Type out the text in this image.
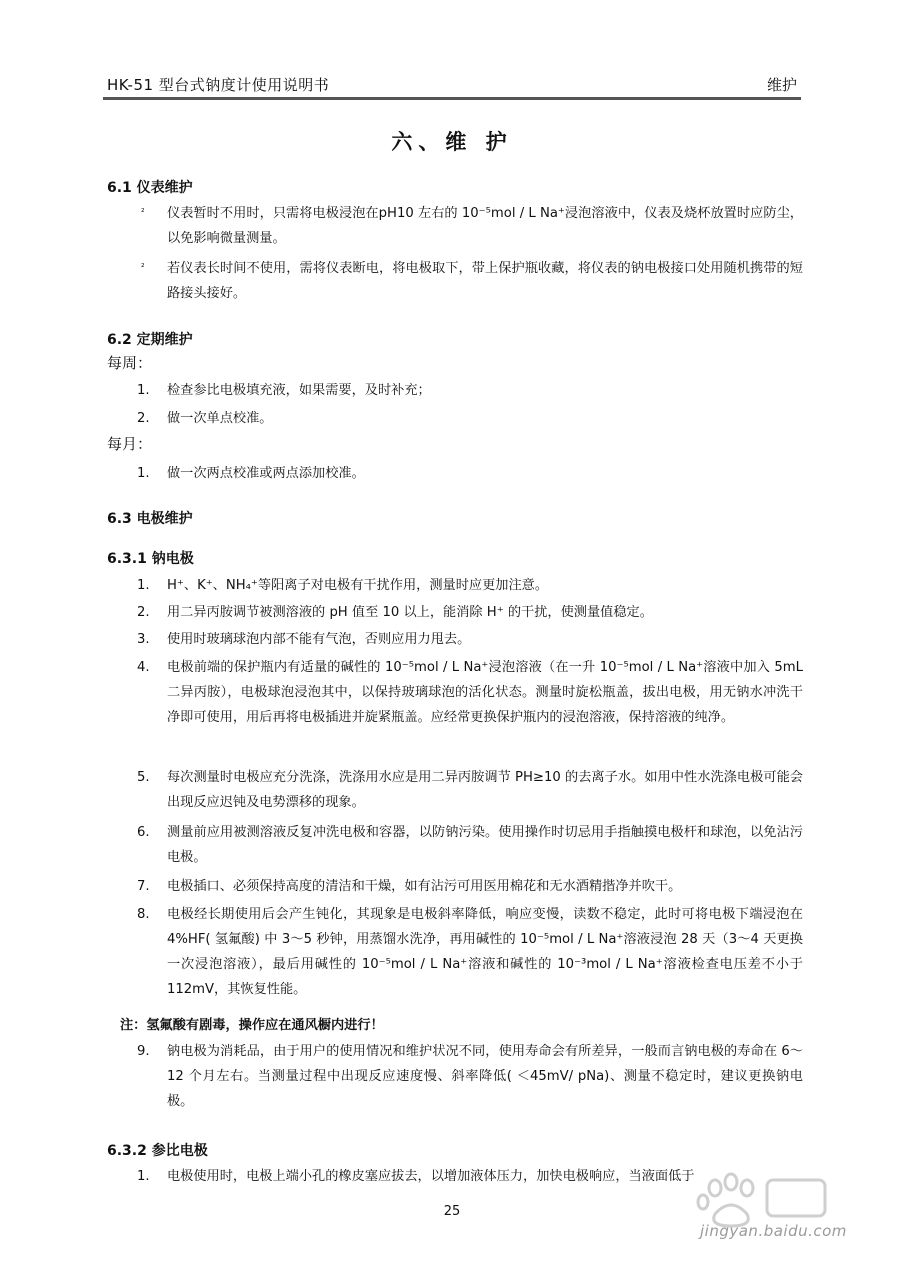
HK-51 型台式钠度计使用说明书	维护
六、维 护
6.1 仪表维护
²	仪表暂时不用时，只需将电极浸泡在pH10 左右的 10⁻⁵mol / L Na⁺浸泡溶液中，仪表及烧杯放置时应防尘，以免影响微量测量。
²	若仪表长时间不使用，需将仪表断电，将电极取下，带上保护瓶收藏，将仪表的钠电极接口处用随机携带的短路接头接好。
6.2 定期维护
每周：
1.	检查参比电极填充液，如果需要，及时补充；
2.	做一次单点校准。
每月：
1.	做一次两点校准或两点添加校准。
6.3 电极维护
6.3.1 钠电极
1.	H⁺、K⁺、NH₄⁺等阳离子对电极有干扰作用，测量时应更加注意。
2.	用二异丙胺调节被测溶液的 pH 值至 10 以上，能消除 H⁺ 的干扰，使测量值稳定。
3.	使用时玻璃球泡内部不能有气泡，否则应用力甩去。
4.	电极前端的保护瓶内有适量的碱性的 10⁻⁵mol / L Na⁺浸泡溶液（在一升 10⁻⁵mol / L Na⁺溶液中加入 5mL 二异丙胺），电极球泡浸泡其中，以保持玻璃球泡的活化状态。测量时旋松瓶盖，拔出电极，用无钠水冲洗干净即可使用，用后再将电极插进并旋紧瓶盖。应经常更换保护瓶内的浸泡溶液，保持溶液的纯净。
5.	每次测量时电极应充分洗涤，洗涤用水应是用二异丙胺调节 PH≥10 的去离子水。如用中性水洗涤电极可能会出现反应迟钝及电势漂移的现象。
6.	测量前应用被测溶液反复冲洗电极和容器，以防钠污染。使用操作时切忌用手指触摸电极杆和球泡，以免沾污电极。
7.	电极插口、必须保持高度的清洁和干燥，如有沾污可用医用棉花和无水酒精揩净并吹干。
8.	电极经长期使用后会产生钝化，其现象是电极斜率降低，响应变慢，读数不稳定，此时可将电极下端浸泡在 4%HF( 氢氟酸) 中 3～5 秒钟，用蒸馏水洗净，再用碱性的 10⁻⁵mol / L Na⁺溶液浸泡 28 天（3～4 天更换一次浸泡溶液），最后用碱性的 10⁻⁵mol / L Na⁺溶液和碱性的 10⁻³mol / L Na⁺溶液检查电压差不小于 112mV，其恢复性能。
注：氢氟酸有剧毒，操作应在通风橱内进行！
9.	钠电极为消耗品，由于用户的使用情况和维护状况不同，使用寿命会有所差异，一般而言钠电极的寿命在 6～12 个月左右。当测量过程中出现反应速度慢、斜率降低( ＜45mV/ pNa)、测量不稳定时，建议更换钠电极。
6.3.2 参比电极
1.	电极使用时，电极上端小孔的橡皮塞应拔去，以增加液体压力，加快电极响应，当液面低于
25
jingyan.baidu.com
